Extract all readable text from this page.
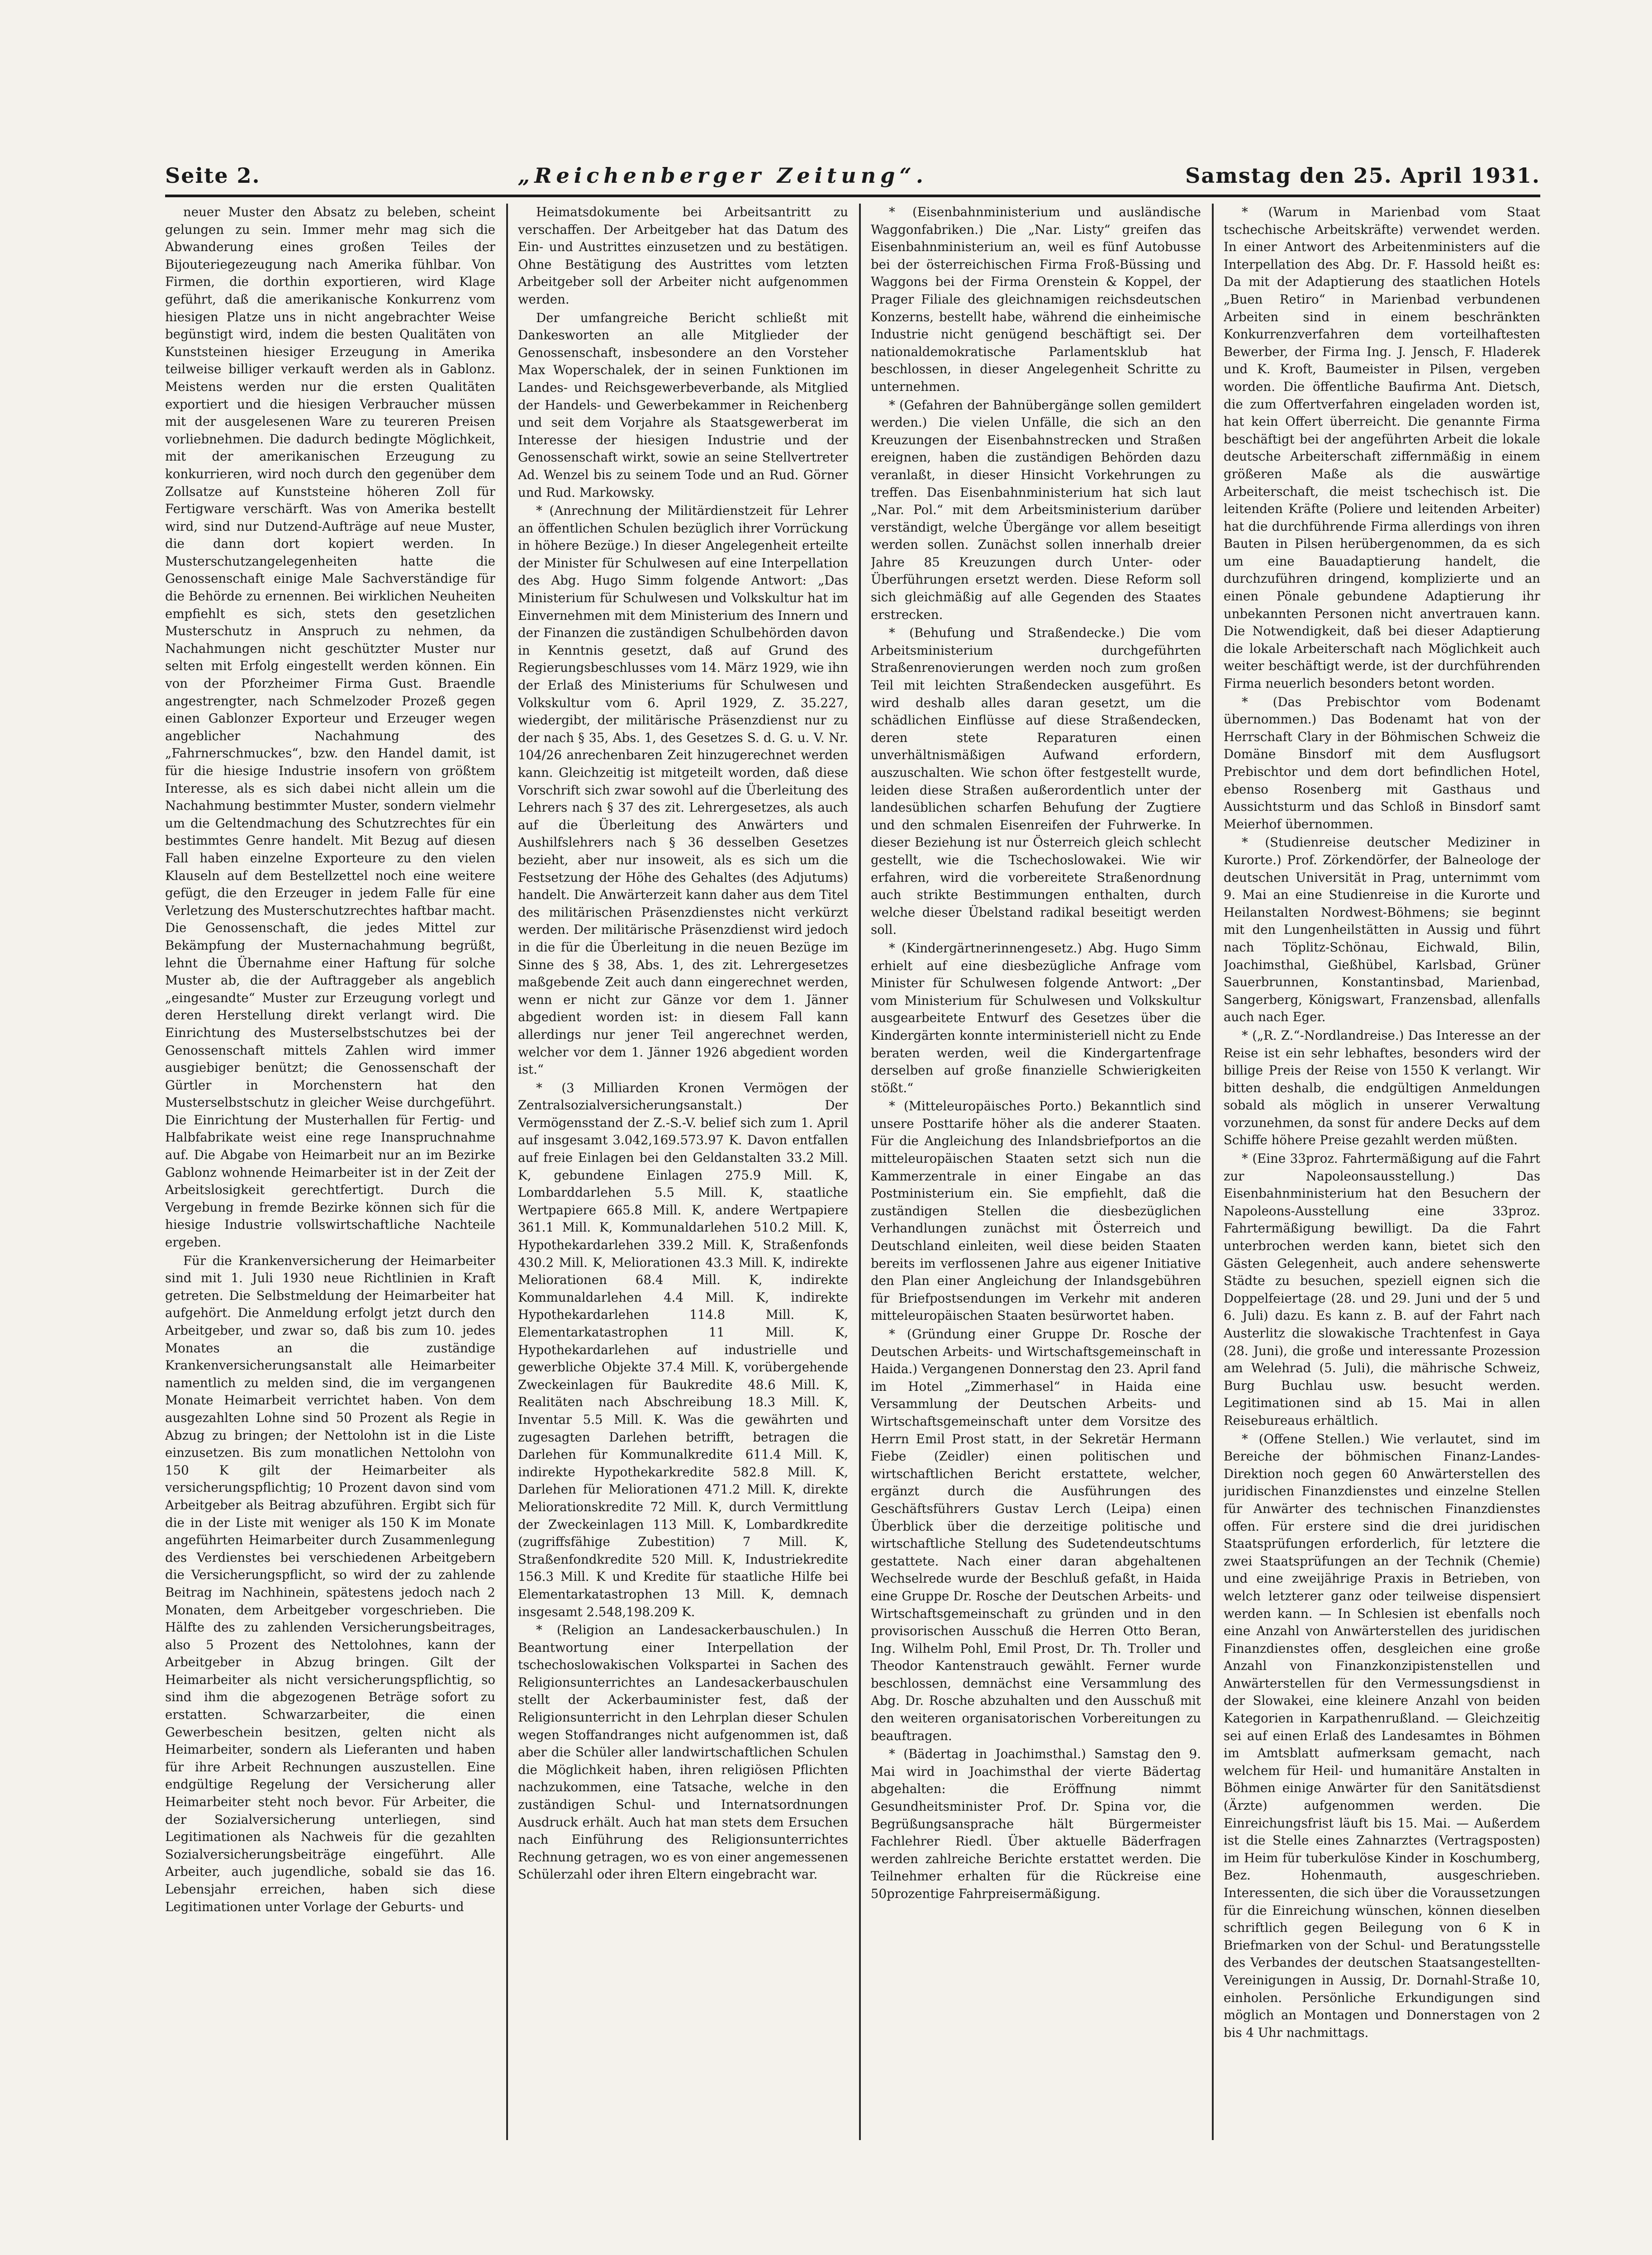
Seite 2.	„Reichenberger Zeitung“.	Samstag den 25. April 1931.

neuer Muster den Absatz zu beleben, scheint gelungen zu sein. Immer mehr mag sich die Abwanderung eines großen Teiles der Bijouteriegezeugung nach Amerika fühlbar. Von Firmen, die dorthin exportieren, wird Klage geführt, daß die amerikanische Konkurrenz vom hiesigen Platze uns in nicht angebrachter Weise begünstigt wird, indem die besten Qualitäten von Kunststeinen hiesiger Erzeugung in Amerika teilweise billiger verkauft werden als in Gablonz. Meistens werden nur die ersten Qualitäten exportiert und die hiesigen Verbraucher müssen mit der ausgelesenen Ware zu teureren Preisen vorliebnehmen. Die dadurch bedingte Möglichkeit, mit der amerikanischen Erzeugung zu konkurrieren, wird noch durch den gegenüber dem Zollsatze auf Kunststeine höheren Zoll für Fertigware verschärft. Was von Amerika bestellt wird, sind nur Dutzend-Aufträge auf neue Muster, die dann dort kopiert werden. In Musterschutzangelegenheiten hatte die Genossenschaft einige Male Sachverständige für die Behörde zu ernennen. Bei wirklichen Neuheiten empfiehlt es sich, stets den gesetzlichen Musterschutz in Anspruch zu nehmen, da Nachahmungen nicht geschützter Muster nur selten mit Erfolg eingestellt werden können. Ein von der Pforzheimer Firma Gust. Braendle angestrengter, nach Schmelzoder Prozeß gegen einen Gablonzer Exporteur und Erzeuger wegen angeblicher Nachahmung des „Fahrnerschmuckes“, bzw. den Handel damit, ist für die hiesige Industrie insofern von größtem Interesse, als es sich dabei nicht allein um die Nachahmung bestimmter Muster, sondern vielmehr um die Geltendmachung des Schutzrechtes für ein bestimmtes Genre handelt. Mit Bezug auf diesen Fall haben einzelne Exporteure zu den vielen Klauseln auf dem Bestellzettel noch eine weitere gefügt, die den Erzeuger in jedem Falle für eine Verletzung des Musterschutzrechtes haftbar macht. Die Genossenschaft, die jedes Mittel zur Bekämpfung der Musternachahmung begrüßt, lehnt die Übernahme einer Haftung für solche Muster ab, die der Auftraggeber als angeblich „eingesandte“ Muster zur Erzeugung vorlegt und deren Herstellung direkt verlangt wird. Die Einrichtung des Musterselbstschutzes bei der Genossenschaft mittels Zahlen wird immer ausgiebiger benützt; die Genossenschaft der Gürtler in Morchenstern hat den Musterselbstschutz in gleicher Weise durchgeführt. Die Einrichtung der Musterhallen für Fertig- und Halbfabrikate weist eine rege Inanspruchnahme auf. Die Abgabe von Heimarbeit nur an im Bezirke Gablonz wohnende Heimarbeiter ist in der Zeit der Arbeitslosigkeit gerechtfertigt. Durch die Vergebung in fremde Bezirke können sich für die hiesige Industrie vollswirtschaftliche Nachteile ergeben.

Für die Krankenversicherung der Heimarbeiter sind mit 1. Juli 1930 neue Richtlinien in Kraft getreten. Die Selbstmeldung der Heimarbeiter hat aufgehört. Die Anmeldung erfolgt jetzt durch den Arbeitgeber, und zwar so, daß bis zum 10. jedes Monates an die zuständige Krankenversicherungsanstalt alle Heimarbeiter namentlich zu melden sind, die im vergangenen Monate Heimarbeit verrichtet haben. Von dem ausgezahlten Lohne sind 50 Prozent als Regie in Abzug zu bringen; der Nettolohn ist in die Liste einzusetzen. Bis zum monatlichen Nettolohn von 150 K gilt der Heimarbeiter als versicherungspflichtig; 10 Prozent davon sind vom Arbeitgeber als Beitrag abzuführen. Ergibt sich für die in der Liste mit weniger als 150 K im Monate angeführten Heimarbeiter durch Zusammenlegung des Verdienstes bei verschiedenen Arbeitgebern die Versicherungspflicht, so wird der zu zahlende Beitrag im Nachhinein, spätestens jedoch nach 2 Monaten, dem Arbeitgeber vorgeschrieben. Die Hälfte des zu zahlenden Versicherungsbeitrages, also 5 Prozent des Nettolohnes, kann der Arbeitgeber in Abzug bringen. Gilt der Heimarbeiter als nicht versicherungspflichtig, so sind ihm die abgezogenen Beträge sofort zu erstatten. Schwarzarbeiter, die einen Gewerbeschein besitzen, gelten nicht als Heimarbeiter, sondern als Lieferanten und haben für ihre Arbeit Rechnungen auszustellen. Eine endgültige Regelung der Versicherung aller Heimarbeiter steht noch bevor. Für Arbeiter, die der Sozialversicherung unterliegen, sind Legitimationen als Nachweis für die gezahlten Sozialversicherungsbeiträge eingeführt. Alle Arbeiter, auch jugendliche, sobald sie das 16. Lebensjahr erreichen, haben sich diese Legitimationen unter Vorlage der Geburts- und

Heimatsdokumente bei Arbeitsantritt zu verschaffen. Der Arbeitgeber hat das Datum des Ein- und Austrittes einzusetzen und zu bestätigen. Ohne Bestätigung des Austrittes vom letzten Arbeitgeber soll der Arbeiter nicht aufgenommen werden.

Der umfangreiche Bericht schließt mit Dankesworten an alle Mitglieder der Genossenschaft, insbesondere an den Vorsteher Max Woperschalek, der in seinen Funktionen im Landes- und Reichsgewerbeverbande, als Mitglied der Handels- und Gewerbekammer in Reichenberg und seit dem Vorjahre als Staatsgewerberat im Interesse der hiesigen Industrie und der Genossenschaft wirkt, sowie an seine Stellvertreter Ad. Wenzel bis zu seinem Tode und an Rud. Görner und Rud. Markowsky.

* (Anrechnung der Militärdienstzeit für Lehrer an öffentlichen Schulen bezüglich ihrer Vorrückung in höhere Bezüge.) In dieser Angelegenheit erteilte der Minister für Schulwesen auf eine Interpellation des Abg. Hugo Simm folgende Antwort: „Das Ministerium für Schulwesen und Volkskultur hat im Einvernehmen mit dem Ministerium des Innern und der Finanzen die zuständigen Schulbehörden davon in Kenntnis gesetzt, daß auf Grund des Regierungsbeschlusses vom 14. März 1929, wie ihn der Erlaß des Ministeriums für Schulwesen und Volkskultur vom 6. April 1929, Z. 35.227, wiedergibt, der militärische Präsenzdienst nur zu der nach § 35, Abs. 1, des Gesetzes S. d. G. u. V. Nr. 104/26 anrechenbaren Zeit hinzugerechnet werden kann. Gleichzeitig ist mitgeteilt worden, daß diese Vorschrift sich zwar sowohl auf die Überleitung des Lehrers nach § 37 des zit. Lehrergesetzes, als auch auf die Überleitung des Anwärters und Aushilfslehrers nach § 36 desselben Gesetzes bezieht, aber nur insoweit, als es sich um die Festsetzung der Höhe des Gehaltes (des Adjutums) handelt. Die Anwärterzeit kann daher aus dem Titel des militärischen Präsenzdienstes nicht verkürzt werden. Der militärische Präsenzdienst wird jedoch in die für die Überleitung in die neuen Bezüge im Sinne des § 38, Abs. 1, des zit. Lehrergesetzes maßgebende Zeit auch dann eingerechnet werden, wenn er nicht zur Gänze vor dem 1. Jänner abgedient worden ist: in diesem Fall kann allerdings nur jener Teil angerechnet werden, welcher vor dem 1. Jänner 1926 abgedient worden ist.“

* (3 Milliarden Kronen Vermögen der Zentralsozialversicherungsanstalt.) Der Vermögensstand der Z.-S.-V. belief sich zum 1. April auf insgesamt 3.042,169.573.97 K. Davon entfallen auf freie Einlagen bei den Geldanstalten 33.2 Mill. K, gebundene Einlagen 275.9 Mill. K, Lombarddarlehen 5.5 Mill. K, staatliche Wertpapiere 665.8 Mill. K, andere Wertpapiere 361.1 Mill. K, Kommunaldarlehen 510.2 Mill. K, Hypothekardarlehen 339.2 Mill. K, Straßenfonds 430.2 Mill. K, Meliorationen 43.3 Mill. K, indirekte Meliorationen 68.4 Mill. K, indirekte Kommunaldarlehen 4.4 Mill. K, indirekte Hypothekardarlehen 114.8 Mill. K, Elementarkatastrophen 11 Mill. K, Hypothekardarlehen auf industrielle und gewerbliche Objekte 37.4 Mill. K, vorübergehende Zweckeinlagen für Baukredite 48.6 Mill. K, Realitäten nach Abschreibung 18.3 Mill. K, Inventar 5.5 Mill. K. Was die gewährten und zugesagten Darlehen betrifft, betragen die Darlehen für Kommunalkredite 611.4 Mill. K, indirekte Hypothekarkredite 582.8 Mill. K, Darlehen für Meliorationen 471.2 Mill. K, direkte Meliorationskredite 72 Mill. K, durch Vermittlung der Zweckeinlagen 113 Mill. K, Lombardkredite (zugriffsfähige Zubestition) 7 Mill. K, Straßenfondkredite 520 Mill. K, Industriekredite 156.3 Mill. K und Kredite für staatliche Hilfe bei Elementarkatastrophen 13 Mill. K, demnach insgesamt 2.548,198.209 K.

* (Religion an Landesackerbauschulen.) In Beantwortung einer Interpellation der tschechoslowakischen Volkspartei in Sachen des Religionsunterrichtes an Landesackerbauschulen stellt der Ackerbauminister fest, daß der Religionsunterricht in den Lehrplan dieser Schulen wegen Stoffandranges nicht aufgenommen ist, daß aber die Schüler aller landwirtschaftlichen Schulen die Möglichkeit haben, ihren religiösen Pflichten nachzukommen, eine Tatsache, welche in den zuständigen Schul- und Internatsordnungen Ausdruck erhält. Auch hat man stets dem Ersuchen nach Einführung des Religionsunterrichtes Rechnung getragen, wo es von einer angemessenen Schülerzahl oder ihren Eltern eingebracht war.

* (Eisenbahnministerium und ausländische Waggonfabriken.) Die „Nar. Listy“ greifen das Eisenbahnministerium an, weil es fünf Autobusse bei der österreichischen Firma Froß-Büssing und Waggons bei der Firma Orenstein & Koppel, der Prager Filiale des gleichnamigen reichsdeutschen Konzerns, bestellt habe, während die einheimische Industrie nicht genügend beschäftigt sei. Der nationaldemokratische Parlamentsklub hat beschlossen, in dieser Angelegenheit Schritte zu unternehmen.

* (Gefahren der Bahnübergänge sollen gemildert werden.) Die vielen Unfälle, die sich an den Kreuzungen der Eisenbahnstrecken und Straßen ereignen, haben die zuständigen Behörden dazu veranlaßt, in dieser Hinsicht Vorkehrungen zu treffen. Das Eisenbahnministerium hat sich laut „Nar. Pol.“ mit dem Arbeitsministerium darüber verständigt, welche Übergänge vor allem beseitigt werden sollen. Zunächst sollen innerhalb dreier Jahre 85 Kreuzungen durch Unter- oder Überführungen ersetzt werden. Diese Reform soll sich gleichmäßig auf alle Gegenden des Staates erstrecken.

* (Behufung und Straßendecke.) Die vom Arbeitsministerium durchgeführten Straßenrenovierungen werden noch zum großen Teil mit leichten Straßendecken ausgeführt. Es wird deshalb alles daran gesetzt, um die schädlichen Einflüsse auf diese Straßendecken, deren stete Reparaturen einen unverhältnismäßigen Aufwand erfordern, auszuschalten. Wie schon öfter festgestellt wurde, leiden diese Straßen außerordentlich unter der landesüblichen scharfen Behufung der Zugtiere und den schmalen Eisenreifen der Fuhrwerke. In dieser Beziehung ist nur Österreich gleich schlecht gestellt, wie die Tschechoslowakei. Wie wir erfahren, wird die vorbereitete Straßenordnung auch strikte Bestimmungen enthalten, durch welche dieser Übelstand radikal beseitigt werden soll.

* (Kindergärtnerinnengesetz.) Abg. Hugo Simm erhielt auf eine diesbezügliche Anfrage vom Minister für Schulwesen folgende Antwort: „Der vom Ministerium für Schulwesen und Volkskultur ausgearbeitete Entwurf des Gesetzes über die Kindergärten konnte interministeriell nicht zu Ende beraten werden, weil die Kindergartenfrage derselben auf große finanzielle Schwierigkeiten stößt.“

* (Mitteleuropäisches Porto.) Bekanntlich sind unsere Posttarife höher als die anderer Staaten. Für die Angleichung des Inlandsbriefportos an die mitteleuropäischen Staaten setzt sich nun die Kammerzentrale in einer Eingabe an das Postministerium ein. Sie empfiehlt, daß die zuständigen Stellen die diesbezüglichen Verhandlungen zunächst mit Österreich und Deutschland einleiten, weil diese beiden Staaten bereits im verflossenen Jahre aus eigener Initiative den Plan einer Angleichung der Inlandsgebühren für Briefpostsendungen im Verkehr mit anderen mitteleuropäischen Staaten besürwortet haben.

* (Gründung einer Gruppe Dr. Rosche der Deutschen Arbeits- und Wirtschaftsgemeinschaft in Haida.) Vergangenen Donnerstag den 23. April fand im Hotel „Zimmerhasel“ in Haida eine Versammlung der Deutschen Arbeits- und Wirtschaftsgemeinschaft unter dem Vorsitze des Herrn Emil Prost statt, in der Sekretär Hermann Fiebe (Zeidler) einen politischen und wirtschaftlichen Bericht erstattete, welcher, ergänzt durch die Ausführungen des Geschäftsführers Gustav Lerch (Leipa) einen Überblick über die derzeitige politische und wirtschaftliche Stellung des Sudetendeutschtums gestattete. Nach einer daran abgehaltenen Wechselrede wurde der Beschluß gefaßt, in Haida eine Gruppe Dr. Rosche der Deutschen Arbeits- und Wirtschaftsgemeinschaft zu gründen und in den provisorischen Ausschuß die Herren Otto Beran, Ing. Wilhelm Pohl, Emil Prost, Dr. Th. Troller und Theodor Kantenstrauch gewählt. Ferner wurde beschlossen, demnächst eine Versammlung des Abg. Dr. Rosche abzuhalten und den Ausschuß mit den weiteren organisatorischen Vorbereitungen zu beauftragen.

* (Bädertag in Joachimsthal.) Samstag den 9. Mai wird in Joachimsthal der vierte Bädertag abgehalten: die Eröffnung nimmt Gesundheitsminister Prof. Dr. Spina vor, die Begrüßungsansprache hält Bürgermeister Fachlehrer Riedl. Über aktuelle Bäderfragen werden zahlreiche Berichte erstattet werden. Die Teilnehmer erhalten für die Rückreise eine 50prozentige Fahrpreisermäßigung.

* (Warum in Marienbad vom Staat tschechische Arbeitskräfte) verwendet werden. In einer Antwort des Arbeitenministers auf die Interpellation des Abg. Dr. F. Hassold heißt es: Da mit der Adaptierung des staatlichen Hotels „Buen Retiro“ in Marienbad verbundenen Arbeiten sind in einem beschränkten Konkurrenzverfahren dem vorteilhaftesten Bewerber, der Firma Ing. J. Jensch, F. Hladerek und K. Kroft, Baumeister in Pilsen, vergeben worden. Die öffentliche Baufirma Ant. Dietsch, die zum Offertverfahren eingeladen worden ist, hat kein Offert überreicht. Die genannte Firma beschäftigt bei der angeführten Arbeit die lokale deutsche Arbeiterschaft ziffernmäßig in einem größeren Maße als die auswärtige Arbeiterschaft, die meist tschechisch ist. Die leitenden Kräfte (Poliere und leitenden Arbeiter) hat die durchführende Firma allerdings von ihren Bauten in Pilsen herübergenommen, da es sich um eine Bauadaptierung handelt, die durchzuführen dringend, komplizierte und an einen Pönale gebundene Adaptierung ihr unbekannten Personen nicht anvertrauen kann. Die Notwendigkeit, daß bei dieser Adaptierung die lokale Arbeiterschaft nach Möglichkeit auch weiter beschäftigt werde, ist der durchführenden Firma neuerlich besonders betont worden.

* (Das Prebischtor vom Bodenamt übernommen.) Das Bodenamt hat von der Herrschaft Clary in der Böhmischen Schweiz die Domäne Binsdorf mit dem Ausflugsort Prebischtor und dem dort befindlichen Hotel, ebenso Rosenberg mit Gasthaus und Aussichtsturm und das Schloß in Binsdorf samt Meierhof übernommen.

* (Studienreise deutscher Mediziner in Kurorte.) Prof. Zörkendörfer, der Balneologe der deutschen Universität in Prag, unternimmt vom 9. Mai an eine Studienreise in die Kurorte und Heilanstalten Nordwest-Böhmens; sie beginnt mit den Lungenheilstätten in Aussig und führt nach Töplitz-Schönau, Eichwald, Bilin, Joachimsthal, Gießhübel, Karlsbad, Grüner Sauerbrunnen, Konstantinsbad, Marienbad, Sangerberg, Königswart, Franzensbad, allenfalls auch nach Eger.

* („R. Z.“-Nordlandreise.) Das Interesse an der Reise ist ein sehr lebhaftes, besonders wird der billige Preis der Reise von 1550 K verlangt. Wir bitten deshalb, die endgültigen Anmeldungen sobald als möglich in unserer Verwaltung vorzunehmen, da sonst für andere Decks auf dem Schiffe höhere Preise gezahlt werden müßten.

* (Eine 33proz. Fahrtermäßigung auf die Fahrt zur Napoleonsausstellung.) Das Eisenbahnministerium hat den Besuchern der Napoleons-Ausstellung eine 33proz. Fahrtermäßigung bewilligt. Da die Fahrt unterbrochen werden kann, bietet sich den Gästen Gelegenheit, auch andere sehenswerte Städte zu besuchen, speziell eignen sich die Doppelfeiertage (28. und 29. Juni und der 5 und 6. Juli) dazu. Es kann z. B. auf der Fahrt nach Austerlitz die slowakische Trachtenfest in Gaya (28. Juni), die große und interessante Prozession am Welehrad (5. Juli), die mährische Schweiz, Burg Buchlau usw. besucht werden. Legitimationen sind ab 15. Mai in allen Reisebureaus erhältlich.

* (Offene Stellen.) Wie verlautet, sind im Bereiche der böhmischen Finanz-Landes-Direktion noch gegen 60 Anwärterstellen des juridischen Finanzdienstes und einzelne Stellen für Anwärter des technischen Finanzdienstes offen. Für erstere sind die drei juridischen Staatsprüfungen erforderlich, für letztere die zwei Staatsprüfungen an der Technik (Chemie) und eine zweijährige Praxis in Betrieben, von welch letzterer ganz oder teilweise dispensiert werden kann. — In Schlesien ist ebenfalls noch eine Anzahl von Anwärterstellen des juridischen Finanzdienstes offen, desgleichen eine große Anzahl von Finanzkonzipistenstellen und Anwärterstellen für den Vermessungsdienst in der Slowakei, eine kleinere Anzahl von beiden Kategorien in Karpathenrußland. — Gleichzeitig sei auf einen Erlaß des Landesamtes in Böhmen im Amtsblatt aufmerksam gemacht, nach welchem für Heil- und humanitäre Anstalten in Böhmen einige Anwärter für den Sanitätsdienst (Ärzte) aufgenommen werden. Die Einreichungsfrist läuft bis 15. Mai. — Außerdem ist die Stelle eines Zahnarztes (Vertragsposten) im Heim für tuberkulöse Kinder in Koschumberg, Bez. Hohenmauth, ausgeschrieben. Interessenten, die sich über die Voraussetzungen für die Einreichung wünschen, können dieselben schriftlich gegen Beilegung von 6 K in Briefmarken von der Schul- und Beratungsstelle des Verbandes der deutschen Staatsangestellten-Vereinigungen in Aussig, Dr. Dornahl-Straße 10, einholen. Persönliche Erkundigungen sind möglich an Montagen und Donnerstagen von 2 bis 4 Uhr nachmittags.
